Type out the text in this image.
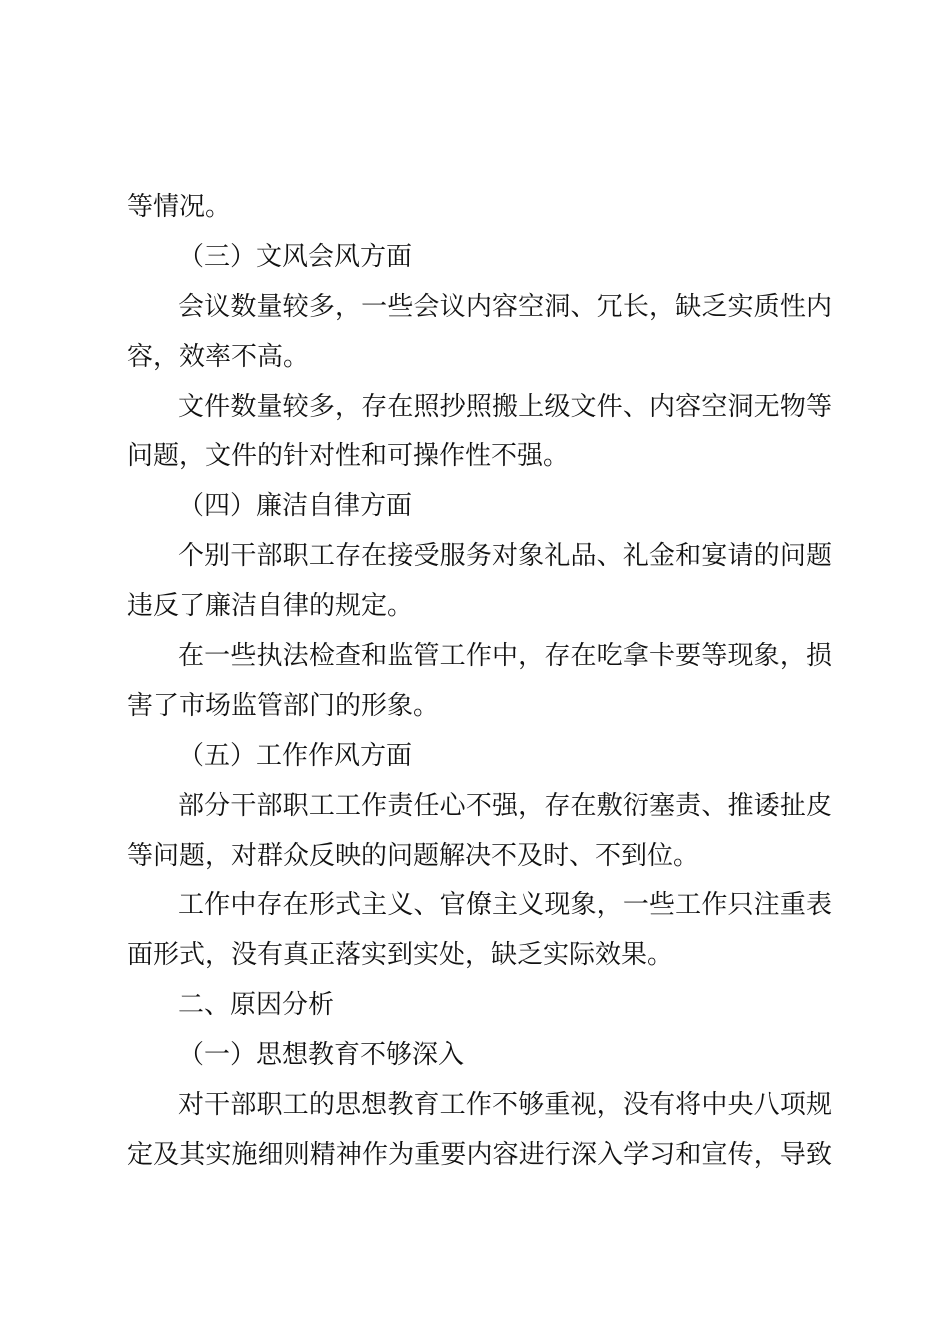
等情况。
（三）文风会风方面
会议数量较多，一些会议内容空洞、冗长，缺乏实质性内
容，效率不高。
文件数量较多，存在照抄照搬上级文件、内容空洞无物等
问题，文件的针对性和可操作性不强。
（四）廉洁自律方面
个别干部职工存在接受服务对象礼品、礼金和宴请的问题
违反了廉洁自律的规定。
在一些执法检查和监管工作中，存在吃拿卡要等现象，损
害了市场监管部门的形象。
（五）工作作风方面
部分干部职工工作责任心不强，存在敷衍塞责、推诿扯皮
等问题，对群众反映的问题解决不及时、不到位。
工作中存在形式主义、官僚主义现象，一些工作只注重表
面形式，没有真正落实到实处，缺乏实际效果。
二、原因分析
（一）思想教育不够深入
对干部职工的思想教育工作不够重视，没有将中央八项规
定及其实施细则精神作为重要内容进行深入学习和宣传，导致
